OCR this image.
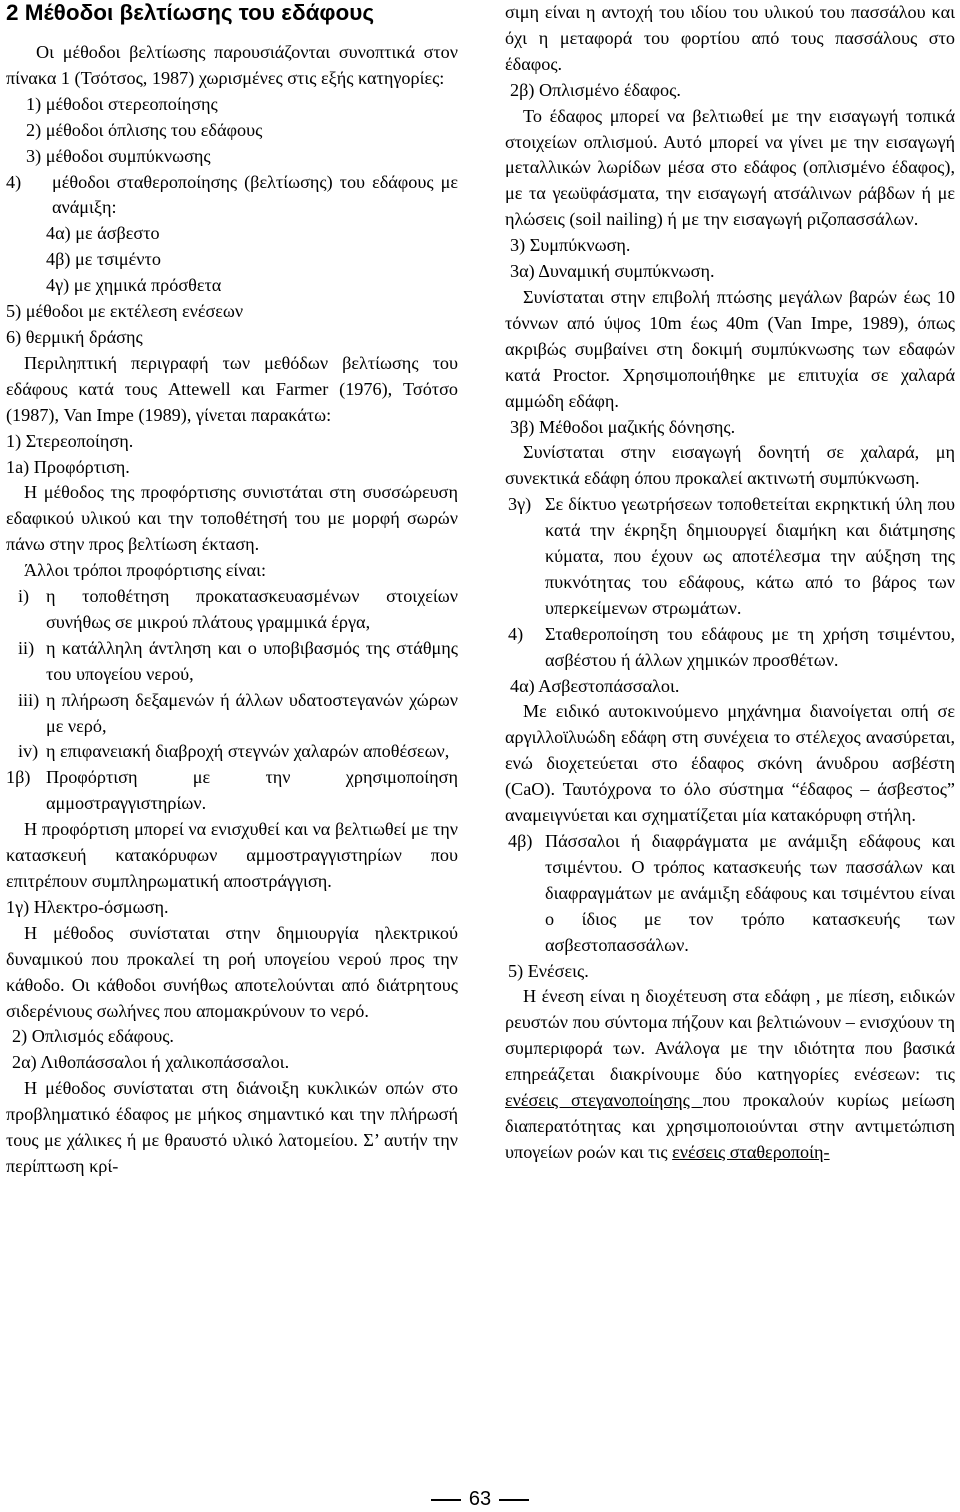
2 Μέθοδοι βελτίωσης του εδάφους

Οι μέθοδοι βελτίωσης παρουσιάζονται συνοπτικά στον πίνακα 1 (Τσότσος, 1987) χωρισμένες στις εξής κατηγορίες:

1) μέθοδοι στερεοποίησης
2) μέθοδοι όπλισης του εδάφους
3) μέθοδοι συμπύκνωσης
4)	μέθοδοι σταθεροποίησης (βελτίωσης) του εδάφους με ανάμιξη:
4α) με άσβεστο
4β) με τσιμέντο
4γ) με χημικά πρόσθετα
5) μέθοδοι με εκτέλεση ενέσεων
6) θερμική δράσης

Περιληπτική περιγραφή των μεθόδων βελτίωσης του εδάφους κατά τους Attewell και Farmer (1976), Τσότσο (1987), Van Impe (1989), γίνεται παρακάτω:

1) Στερεοποίηση.
1a) Προφόρτιση.

Η μέθοδος της προφόρτισης συνιστάται στη συσσώρευση εδαφικού υλικού και την τοποθέτησή του με μορφή σωρών πάνω στην προς βελτίωση έκταση.

Άλλοι τρόποι προφόρτισης είναι:
i) η τοποθέτηση προκατασκευασμένων στοιχείων συνήθως σε μικρού πλάτους γραμμικά έργα,
ii) η κατάλληλη άντληση και ο υποβιβασμός της στάθμης του υπογείου νερού,
iii) η πλήρωση δεξαμενών ή άλλων υδατοστεγανών χώρων με νερό,
iv) η επιφανειακή διαβροχή στεγνών χαλαρών αποθέσεων,
1β) Προφόρτιση με την χρησιμοποίηση αμμοστραγγιστηρίων.

Η προφόρτιση μπορεί να ενισχυθεί και να βελτιωθεί με την κατασκευή κατακόρυφων αμμοστραγγιστηρίων που επιτρέπουν συμπληρωματική αποστράγγιση.

1γ) Ηλεκτρο-όσμωση.

Η μέθοδος συνίσταται στην δημιουργία ηλεκτρικού δυναμικού που προκαλεί τη ροή υπογείου νερού προς την κάθοδο. Οι κάθοδοι συνήθως αποτελούνται από διάτρητους σιδερένιους σωλήνες που απομακρύνουν το νερό.

2) Οπλισμός εδάφους.
2α) Λιθοπάσσαλοι ή χαλικοπάσσαλοι.

Η μέθοδος συνίσταται στη διάνοιξη κυκλικών οπών στο προβληματικό έδαφος με μήκος σημαντικό και την πλήρωσή τους με χάλικες ή με θραυστό υλικό λατομείου. Σ’ αυτήν την περίπτωση κρί-

σιμη είναι η αντοχή του ιδίου του υλικού του πασσάλου και όχι η μεταφορά του φορτίου από τους πασσάλους στο έδαφος.

2β) Οπλισμένο έδαφος.

Το έδαφος μπορεί να βελτιωθεί με την εισαγωγή τοπικά στοιχείων οπλισμού. Αυτό μπορεί να γίνει με την εισαγωγή μεταλλικών λωρίδων μέσα στο εδάφος (οπλισμένο έδαφος), με τα γεωϋφάσματα, την εισαγωγή ατσάλινων ράβδων ή με ηλώσεις (soil nailing) ή με την εισαγωγή ριζοπασσάλων.

3) Συμπύκνωση.
3α) Δυναμική συμπύκνωση.

Συνίσταται στην επιβολή πτώσης μεγάλων βαρών έως 10 τόννων από ύψος 10m έως 40m (Van Impe, 1989), όπως ακριβώς συμβαίνει στη δοκιμή συμπύκνωσης των εδαφών κατά Proctor. Χρησιμοποιήθηκε με επιτυχία σε χαλαρά αμμώδη εδάφη.

3β) Μέθοδοι μαζικής δόνησης.

Συνίσταται στην εισαγωγή δονητή σε χαλαρά, μη συνεκτικά εδάφη όπου προκαλεί ακτινωτή συμπύκνωση.

3γ) Σε δίκτυο γεωτρήσεων τοποθετείται εκρηκτική ύλη που κατά την έκρηξη δημιουργεί διαμήκη και διάτμησης κύματα, που έχουν ως αποτέλεσμα την αύξηση της πυκνότητας του εδάφους, κάτω από το βάρος των υπερκείμενων στρωμάτων.
4)	Σταθεροποίηση του εδάφους με τη χρήση τσιμέντου, ασβέστου ή άλλων χημικών προσθέτων.
4α) Ασβεστοπάσσαλοι.

Με ειδικό αυτοκινούμενο μηχάνημα διανοίγεται οπή σε αργιλλοϊλυώδη εδάφη στη συνέχεια το στέλεχος ανασύρεται, ενώ διοχετεύεται στο έδαφος σκόνη άνυδρου ασβέστη (CaO). Ταυτόχρονα το όλο σύστημα “έδαφος – άσβεστος” αναμειγνύεται και σχηματίζεται μία κατακόρυφη στήλη.

4β) Πάσσαλοι ή διαφράγματα με ανάμιξη εδάφους και τσιμέντου. Ο τρόπος κατασκευής των πασσάλων και διαφραγμάτων με ανάμιξη εδάφους και τσιμέντου είναι ο ίδιος με τον τρόπο κατασκευής των ασβεστοπασσάλων.
5) Ενέσεις.

Η ένεση είναι η διοχέτευση στα εδάφη , με πίεση, ειδικών ρευστών που σύντομα πήζουν και βελτιώνουν – ενισχύουν τη συμπεριφορά των. Ανάλογα με την ιδιότητα που βασικά επηρεάζεται διακρίνουμε δύο κατηγορίες ενέσεων: τις ενέσεις στεγανοποίησης που προκαλούν κυρίως μείωση διαπερατότητας και χρησιμοποιούνται στην αντιμετώπιση υπογείων ροών και τις ενέσεις σταθεροποίη-

63
